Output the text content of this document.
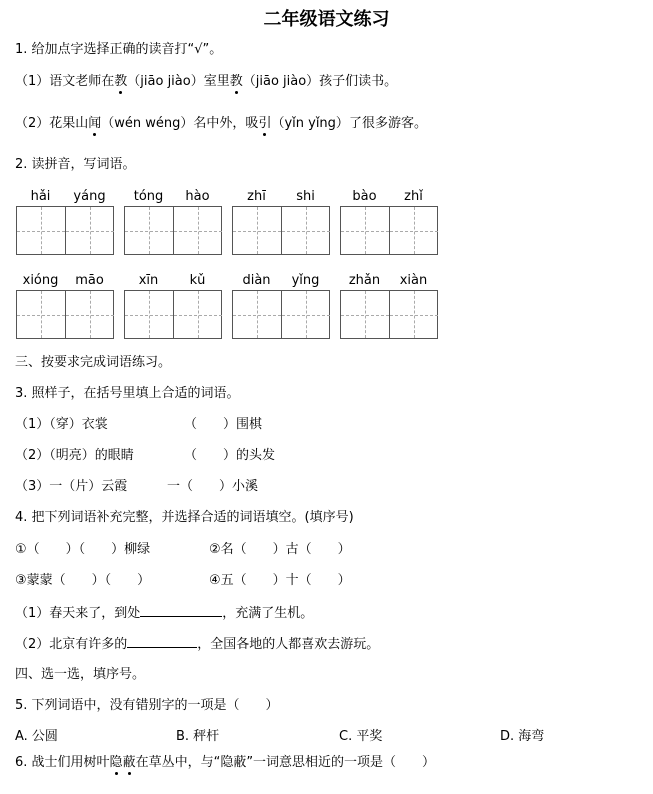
二年级语文练习
1. 给加点字选择正确的读音打“√”。
（1）语文老师在教（jiāo jiào）室里教（jiāo jiào）孩子们读书。
（2）花果山闻（wén wéng）名中外，吸引（yǐn yǐng）了很多游客。
2. 读拼音，写词语。
hǎi	yáng	tóng	hào	zhī	shi	bào	zhǐ
xióng	māo	xīn	kǔ	diàn	yǐng	zhǎn	xiàn
三、按要求完成词语练习。
3. 照样子，在括号里填上合适的词语。
（1）（穿）衣裳	（　　）围棋
（2）（明亮）的眼睛	（　　）的头发
（3）一（片）云霞	一（　　）小溪
4. 把下列词语补充完整，并选择合适的词语填空。(填序号)
①（　　）（　　）柳绿	②名（　　）古（　　）
③蒙蒙（　　）（　　）	④五（　　）十（　　）
（1）春天来了，到处	，充满了生机。
（2）北京有许多的	，全国各地的人都喜欢去游玩。
四、选一选，填序号。
5. 下列词语中，没有错别字的一项是（　　）
A. 公圆	B. 秤杆	C. 平奖	D. 海弯
6. 战士们用树叶隐蔽在草丛中，与“隐蔽”一词意思相近的一项是（　　）
